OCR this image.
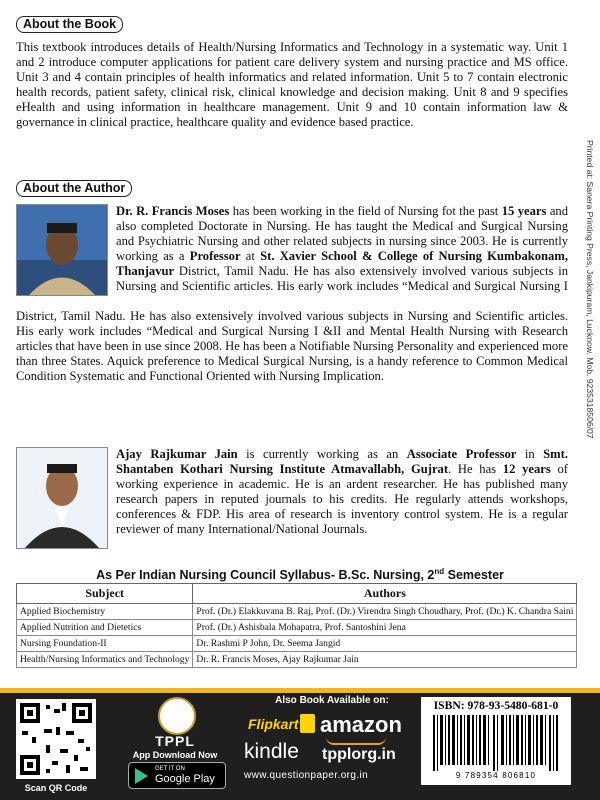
About the Book

This textbook introduces details of Health/Nursing Informatics and Technology in a systematic way. Unit 1 and 2 introduce computer applications for patient care delivery system and nursing practice and MS office. Unit 3 and 4 contain principles of health informatics and related information. Unit 5 to 7 contain electronic health records, patient safety, clinical risk, clinical knowledge and decision making. Unit 8 and 9 specifies eHealth and using information in healthcare management. Unit 9 and 10 contain information law & governance in clinical practice, healthcare quality and evidence based practice.

About the Author

Dr. R. Francis Moses has been working in the field of Nursing fot the past 15 years and also completed Doctorate in Nursing. He has taught the Medical and Surgical Nursing and Psychiatric Nursing and other related subjects in nursing since 2003. He is currently working as a Professor at St. Xavier School & College of Nursing Kumbakonam, Thanjavur District, Tamil Nadu. He has also extensively involved various subjects in Nursing and Scientific articles. His early work includes “Medical and Surgical Nursing I

District, Tamil Nadu. He has also extensively involved various subjects in Nursing and Scientific articles. His early work includes “Medical and Surgical Nursing I &II and Mental Health Nursing with Research articles that have been in use since 2008. He has been a Notifiable Nursing Personality and experienced more than three States. Aquick preference to Medical Surgical Nursing, is a handy reference to Common Medical Condition Systematic and Functional Oriented with Nursing Implication.

Ajay Rajkumar Jain is currently working as an Associate Professor in Smt. Shantaben Kothari Nursing Institute Atmavallabh, Gujrat. He has 12 years of working experience in academic. He is an ardent researcher. He has published many research papers in reputed journals to his credits. He regularly attends workshops, conferences & FDP. His area of research is inventory control system. He is a regular reviewer of many International/National Journals.

Printed at: Sanera Printing Press, Jankipuram, Lucknow. Mob. 9235318506/07
As Per Indian Nursing Council Syllabus- B.Sc. Nursing, 2nd Semester
Subject	Authors
Applied Biochemistry	Prof. (Dr.) Elakkuvana B. Raj, Prof. (Dr.) Virendra Singh Choudhary, Prof. (Dr.) K. Chandra Saini
Applied Nutrition and Dietetics	Prof. (Dr.) Ashisbala Mohapatra, Prof. Santoshini Jena
Nursing Foundation-II	Dr. Rashmi P John, Dr. Seema Jangid
Health/Nursing Informatics and Technology	Dr. R. Francis Moses, Ajay Rajkumar Jain
Scan QR Code
TPPL
App Download Now
GET IT ON
Google Play
Also Book Available on:
Flipkart amazon
kindle tpplorg.in
www.questionpaper.org.in
ISBN: 978-93-5480-681-0
9 789354 806810
